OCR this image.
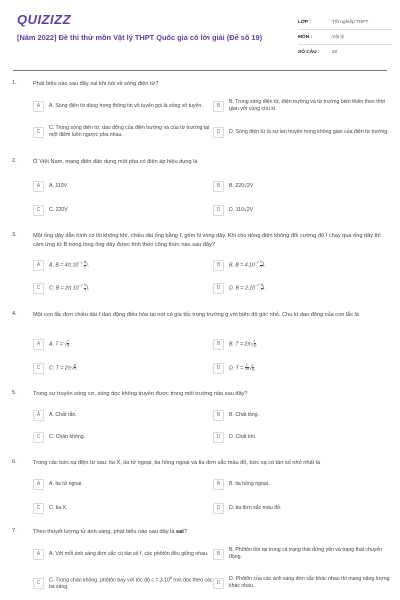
QUIZIZZ
[Năm 2022] Đề thi thử môn Vật lý THPT Quốc gia có lời giải (Đề số 19)
LỚP :	Tốt nghiệp THPT
MÔN :	Vật lý
SỐ CÂU :	40
1.	Phát biểu nào sau đây sai khi nói về sóng điện từ?
A	A. Sóng điện từ dùng trong thông tin vô tuyến gọi là sóng vô tuyến.	B
B. Trong sóng điện từ, điện trường và từ trường biến thiên theo thời gian với cùng chu kì.
C
C. Trong sóng điện từ, dao động của điện trường và của từ trường tại một điểm luôn ngược pha nhau.	D	D. Sóng điện từ là sự lan truyền trong không gian của điện từ trường.
2.	Ở Việt Nam, mạng điện dân dụng một pha có điện áp hiệu dụng là
A	A. 110V	B	B. 220√2V
C	C. 220V	D	D. 110√2V
3.	Một ống dây dẫn hình có lõi không khí, chiều dài ống bằng ℓ, gồm N vòng dây. Khi cho dòng điện không đổi cường độ I chạy qua ống dây thì cảm ứng từ B trong lòng ống dây được tính theo công thức nào sau đây?
A	A. $B = 4\pi.10^{-7}$. $\frac{N}{\text{ℓ}} I$.	B	B. $B = 4.10^{-7}$. $\frac{N}{\text{ℓ}} I$.
C	C. $B = 2\pi.10^{-7}$. $\frac{N}{\text{ℓ}} I$.	D	D. $B = 2.10^{-7}$. $\frac{N}{\text{ℓ}} I$.
4.	Một con lắc đơn chiều dài ℓ dao động điều hòa tại nơi có gia tốc trọng trường g với biên độ góc nhỏ. Chu kì dao động của con lắc là
A	A. T = √ $\frac{\text{ℓ}}{g}$ .	B	B. $T = 2\pi√ \frac{\text{ℓ}}{g}$ .
C	C. $T = 2\pi√ \frac{g}{\text{ℓ}}$ .	D	D. $T = \frac{1}{2\pi}$ √ $\frac{\text{ℓ}}{g}$ .
5.	Trong sự truyền sóng cơ, sóng dọc không truyền được trong môi trường nào sau đây?
A	A. Chất rắn.	B	B. Chất lỏng.
C	C. Chân không.	D	D. Chất khí.
6.	Trong các bức xạ điện từ sau: tia X, tia tử ngoại, tia hồng ngoại và tia đơn sắc màu đỏ, bức xạ có tần số nhỏ nhất là
A	A. tia tử ngoại.	B	B. tia hồng ngoại.
C	C. tia X.	D	D. tia đơn sắc màu đỏ.
7.	Theo thuyết lượng tử ánh sáng, phát biểu nào sau đây là sai?
A	A. Với mỗi ánh sáng đơn sắc có tần số f, các phôtôn đều giống nhau.	B
B. Phôtôn tồn tại trong cả trạng thái đứng yên và trạng thái chuyển động.
C	C. Trong chân không, phôtôn bay với tốc độ $c = 3.10^8$ m/s dọc theo các tia sáng.
D
D. Phôtôn của các ánh sáng đơn sắc khác nhau thì mang năng lượng khác nhau.
